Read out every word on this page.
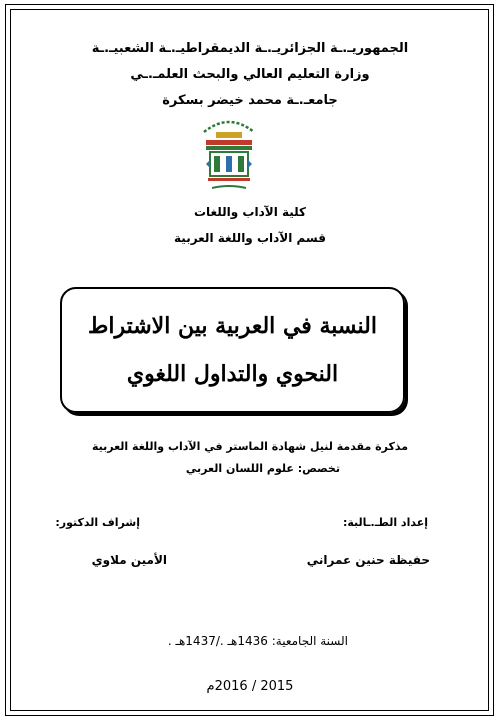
الجمهوريـ.ـة الجزائريـ.ـة الديمقراطيـ.ـة الشعبيـ.ـة
وزارة التعليم العالي والبحث العلمـ.ـي
جامعـ.ـة محمد خيضر بسكرة
كلية الآداب واللغات
قسم الآداب واللغة العربية
النسبة في العربية بين الاشتراط
النحوي والتداول اللغوي
مذكرة مقدمة لنيل شهادة الماستر في الآداب واللغة العربية
تخصص: علوم اللسان العربي
إعداد الطـ.ـالبة:
إشراف الدكتور:
حفيظة حنين عمراني
الأمين ملاوي
السنة الجامعية: 1436هـ ./1437هـ .
2015 / 2016م
